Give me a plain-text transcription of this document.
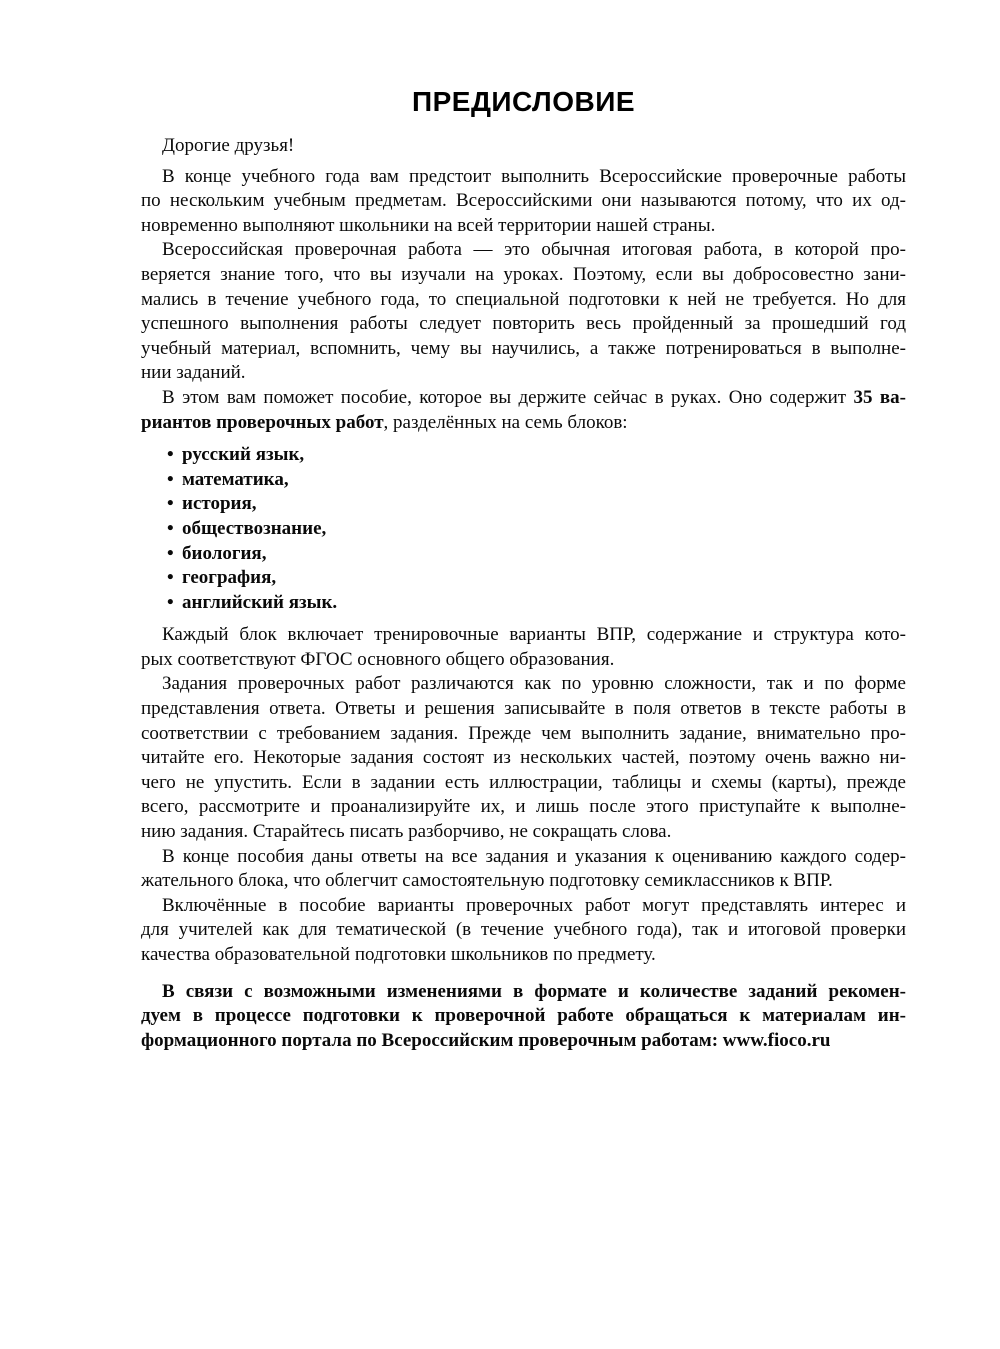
ПРЕДИСЛОВИЕ

Дорогие друзья!

В конце учебного года вам предстоит выполнить Всероссийские проверочные работы
по нескольким учебным предметам. Всероссийскими они называются потому, что их од-
новременно выполняют школьники на всей территории нашей страны.

Всероссийская проверочная работа — это обычная итоговая работа, в которой про-
веряется знание того, что вы изучали на уроках. Поэтому, если вы добросовестно зани-
мались в течение учебного года, то специальной подготовки к ней не требуется. Но для
успешного выполнения работы следует повторить весь пройденный за прошедший год
учебный материал, вспомнить, чему вы научились, а также потренироваться в выполне-
нии заданий.

В этом вам поможет пособие, которое вы держите сейчас в руках. Оно содержит 35 ва-
риантов проверочных работ, разделённых на семь блоков:

• русский язык,
• математика,
• история,
• обществознание,
• биология,
• география,
• английский язык.

Каждый блок включает тренировочные варианты ВПР, содержание и структура кото-
рых соответствуют ФГОС основного общего образования.

Задания проверочных работ различаются как по уровню сложности, так и по форме
представления ответа. Ответы и решения записывайте в поля ответов в тексте работы в
соответствии с требованием задания. Прежде чем выполнить задание, внимательно про-
читайте его. Некоторые задания состоят из нескольких частей, поэтому очень важно ни-
чего не упустить. Если в задании есть иллюстрации, таблицы и схемы (карты), прежде
всего, рассмотрите и проанализируйте их, и лишь после этого приступайте к выполне-
нию задания. Старайтесь писать разборчиво, не сокращать слова.

В конце пособия даны ответы на все задания и указания к оцениванию каждого содер-
жательного блока, что облегчит самостоятельную подготовку семиклассников к ВПР.

Включённые в пособие варианты проверочных работ могут представлять интерес и
для учителей как для тематической (в течение учебного года), так и итоговой проверки
качества образовательной подготовки школьников по предмету.

В связи с возможными изменениями в формате и количестве заданий рекомен-
дуем в процессе подготовки к проверочной работе обращаться к материалам ин-
формационного портала по Всероссийским проверочным работам: www.fioco.ru
